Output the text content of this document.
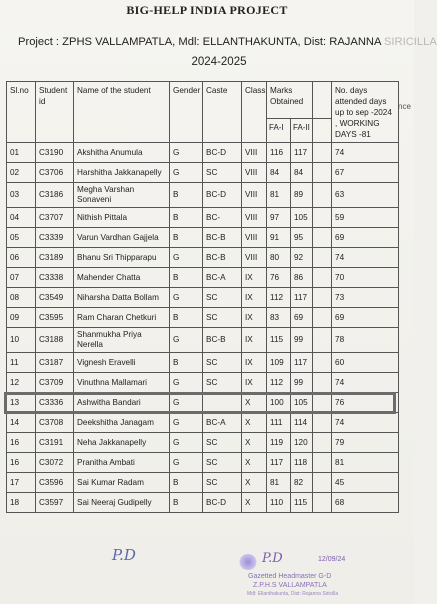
BIG-HELP INDIA PROJECT
Project : ZPHS VALLAMPATLA, Mdl: ELLANTHAKUNTA, Dist: RAJANNA SIRICILLA
2024-2025
Sl.no	Student id	Name of the student	Gender	Caste	Class	Marks Obtained			No. days attended days up to sep -2024 , WORKING DAYS -81
						FA-I	FA-II		
01	C3190	Akshitha Anumula	G	BC-D	VIII	116	117		74
02	C3706	Harshitha Jakkanapelly	G	SC	VIII	84	84		67
03	C3186	Megha Varshan Sonaveni	B	BC-D	VIII	81	89		63
04	C3707	Nithish Pittala	B	BC-	VIII	97	105		59
05	C3339	Varun Vardhan Gajjela	B	BC-B	VIII	91	95		69
06	C3189	Bhanu Sri Thipparapu	G	BC-B	VIII	80	92		74
07	C3338	Mahender Chatta	B	BC-A	IX	76	86		70
08	C3549	Niharsha Datta Bollam	G	SC	IX	112	117		73
09	C3595	Ram Charan Chetkuri	B	SC	IX	83	69		69
10	C3188	Shanmukha Priya Nerella	G	BC-B	IX	115	99		78
11	C3187	Vignesh Eravelli	B	SC	IX	109	117		60
12	C3709	Vinuthna Mallamari	G	SC	IX	112	99		74
13	C3336	Ashwitha Bandari	G		X	100	105		76
14	C3708	Deekshitha Janagam	G	BC-A	X	111	114		74
16	C3191	Neha Jakkanapelly	G	SC	X	119	120		79
16	C3072	Pranitha Ambati	G	SC	X	117	118		81
17	C3596	Sai Kumar Radam	B	SC	X	81	82		45
18	C3597	Sai Neeraj Gudipelly	B	BC-D	X	110	115		68
nce
P.D	P.D	12/09/24
Gazetted Headmaster G-D
Z.P.H.S VALLAMPATLA
Mdl: Ellanthakunta, Dist: Rajanna Siricilla
